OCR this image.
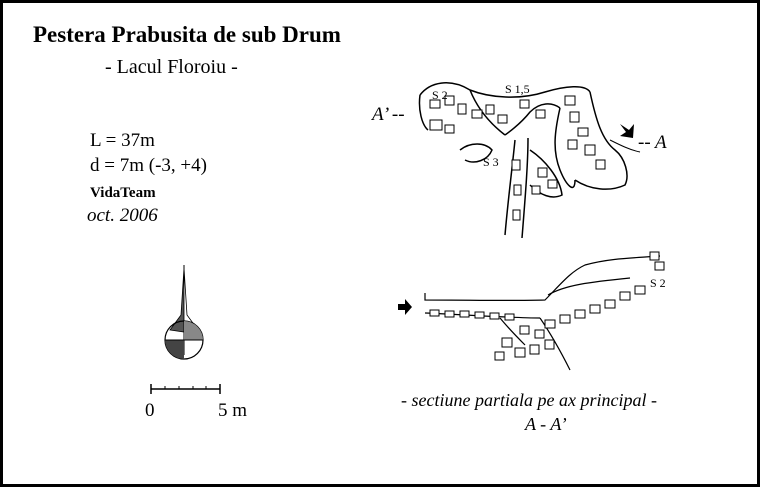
Pestera Prabusita de sub Drum
- Lacul Floroiu -
L = 37m
d = 7m (-3, +4)
VidaTeam
oct. 2006
S 2	S 1,5
S 3
A’ --
-- A
S 2
0	5 m	- sectiune partiala pe ax principal -
A - A’
